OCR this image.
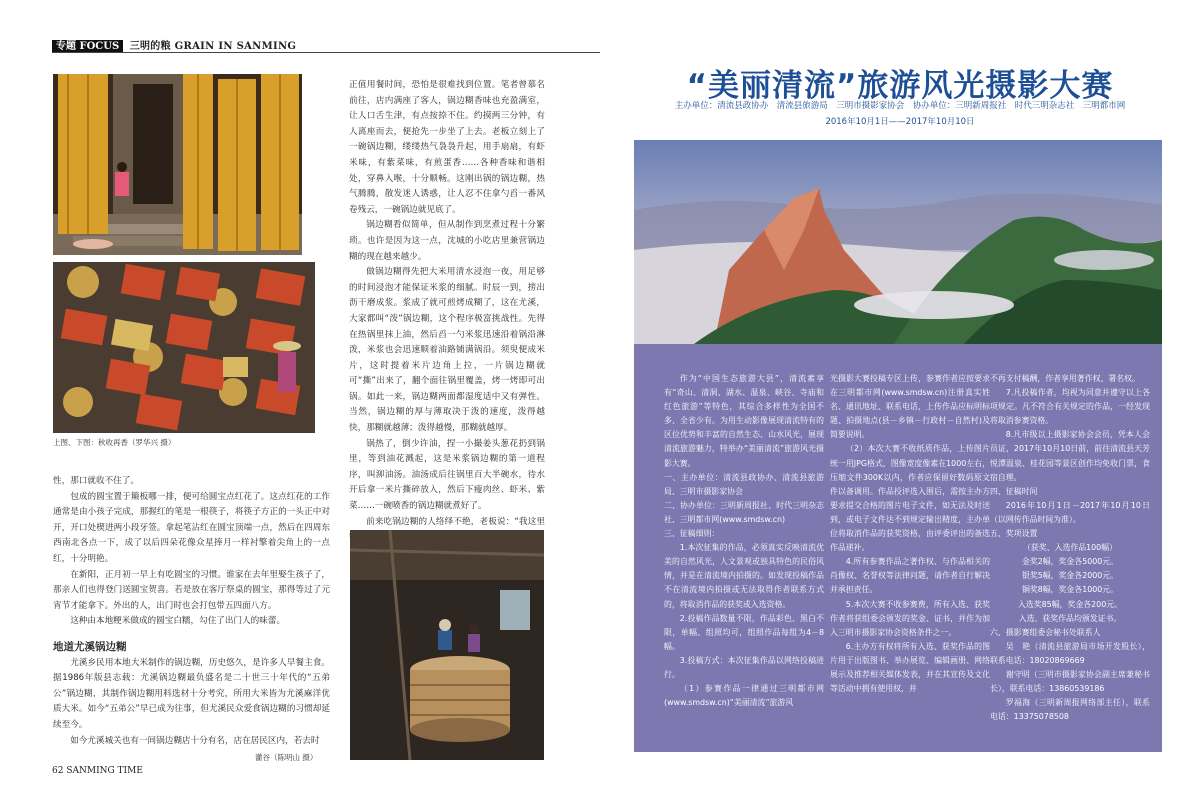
专题 FOCUS 三明的粮 GRAIN IN SANMING
上图、下图：秋收再香（罗华兴 摄）

性，那口就收不住了。

包成的圆宝置于簸板哪一排，便可给圆宝点红花了。这点红花的工作通常是由小孩子完成，那握红的笔是一根筷子，将筷子方正的一头正中对开，开口处楔进两小段牙签。拿起笔沾红在圆宝顶端一点，然后在四周东西南北各点一下，成了以后四朵花像众星捧月一样衬擎着尖角上的一点红，十分明艳。

在新阳，正月初一早上有吃圆宝的习惯。谁家在去年里娶生孩子了，那亲人们也得登门送圆宝贺喜。若是放在客厅祭桌的圆宝，那得等过了元宵节才能拿下。外出的人，出门时也会打包带五四面八方。

这种由本地粳米做成的圆宝白糯，勾住了出门人的味蕾。

地道尤溪锅边糊

尤溪乡民用本地大米制作的锅边糊，历史悠久，是许多人早餐主食。据1986年版县志载：尤溪锅边糊最负盛名是二十世三十年代的“五弟公”锅边糊，其制作锅边糊用料选材十分考究，所用大米皆为尤溪麻洋优质大米。如今“五弟公”早已成为往事，但尤溪民众爱食锅边糊的习惯却延续至今。

如今尤溪城关也有一间锅边糊店十分有名，店在居民区内，若去时

正值用餐时间，恐怕是很难找到位置。笔者曾慕名前往，店内满座了客人，锅边糊香味也充盈满室，让人口舌生津，有点按捺不住。约摸两三分钟，有人离座而去，便抢先一步坐了上去。老板立刻上了一碗锅边糊，缕缕热气袅袅升起，用手扇扇，有虾米味，有紫菜味，有煎蛋香……各种香味和谐相处，穿鼻入喉，十分顺畅。这刚出锅的锅边糊，热气腾腾，散发迷人诱惑，让人忍不住拿勺舀一番风卷残云，一碗锅边就见底了。

锅边糊看似简单，但从制作到烹煮过程十分繁琐。也许是因为这一点，沈城的小吃店里兼营锅边糊的现在越来越少。

做锅边糊得先把大米用清水浸泡一夜，用足够的时间浸泡才能保证米浆的细腻。时辰一到，捞出沥干磨成浆。浆成了就可煎烤成糊了，这在尤溪，大家都叫“泼”锅边糊，这个程序极富挑战性。先得在热锅里抹上油，然后舀一勺米浆迅速沿着锅沿淋泼，米浆也会迅速顺着油路铺满锅沿。须臾便成米片，这时提着米片边角上拉，一片锅边糊就可“撕”出来了，翻个面往锅里覆盖，烤一烤即可出锅。如此一来，锅边糊两面都湿度适中又有弹性。当然，锅边糊的厚与薄取决于泼的速度，泼得越快，那糊就越薄；泼得越慢，那糊就越厚。

锅热了，倒少许油，捏一小撮姜头葱花扔到锅里，等到油花溅起，这是米浆锅边糊的第一道程序，叫泖油汤。油汤成后往锅里百大半碗水，待水开后拿一米片撕碎放入，然后下瘦肉丝、虾米、紫菜……一碗喷香的锅边糊就煮好了。

前来吃锅边糊的人络绎不绝，老板说：“我这里

灌谷（陈明山 摄）
62 SANMING TIME
“美丽清流”旅游风光摄影大赛
主办单位：清流县政协办　清流县旅游局　三明市摄影家协会　协办单位：三明新周报社　时代三明杂志社　三明都市网
2016年10月1日——2017年10月10日

作为“中国生态旅游大县”，清流素享有“奇山、清洞、湖水、温泉、峡谷、寺庙和红色旅游”等特色，其综合多样性为全国不多、全省少有。为用生动影像展现清流特有的区位优势和丰富的自然生态、山水风光，展现清流旅游魅力，特举办“美丽清流”旅游风光摄影大赛。

一、主办单位：清流县政协办、清流县旅游局、三明市摄影家协会

二、协办单位：三明新周报社、时代三明杂志社、三明都市网(www.smdsw.cn)

三、征稿细则：

1.本次征集的作品，必须真实反映清流优美的自然风光，人文景观或独具特色的民俗风情，并是在清流境内拍摄的。如发现投稿作品不在清流境内拍摄或无法取得作者联系方式的，将取消作品的获奖或入选资格。

2.投稿作品数量不限，作品彩色、黑白不限，单幅、组照均可，组照作品每组为4－8幅。

3.投稿方式：本次征集作品以网络投稿进行。

（1）参赛作品一律通过三明都市网(www.smdsw.cn)“美丽清流”旅游风

光摄影大赛投稿专区上传，参赛作者应按要求在三明都市网(www.smdsw.cn)注册真实姓名、通讯地址、联系电话，上传作品应标明标题、拍摄地点(县－乡镇－行政村－自然村)及简要说明。

（2）本次大赛不收纸质作品，上传图片统一用JPG格式，图像宽度像素在1000左右，压缩文件300K以内，作者应保留好数码原文件以备调用。作品投评选入围后，需按主办方要求提交合格的图片电子文件，如无法及时送到，或电子文件达不到规定输出精度，主办单位将取消作品的获奖资格，由评委评出的备选作品递补。

4.所有参赛作品之著作权、与作品相关的肖像权、名誉权等法律问题，请作者自行解决并承担责任。

5.本次大赛不收参赛费，所有入选、获奖作者将获组委会颁发的奖金、证书，并作为加入三明市摄影家协会资格条件之一。

6.主办方有权将所有入选、获奖作品的图片用于出版图书、举办展览、编辑画册、网络展示及推荐相关媒体发表，并在其宣传及文化等活动中拥有使用权，并

不再支付稿酬，作者享用著作权、署名权。

7.凡投稿作者，均视为同意并遵守以上各项规定。凡不符合有关规定的作品，一经发现将取消参赛资格。

8.凡市级以上摄影家协会会员，凭本人会员证，2017年10月10日前，前往清流县天芳悦潭温泉、桂花园等景区创作均免收门票，食宿自理。

四、征稿时间

2016年10月1日－2017年10月10日（以网传作品时间为准）。

五、奖项设置

（获奖、入选作品100幅）

金奖2幅，奖金各5000元。

银奖5幅，奖金各2000元。

铜奖8幅，奖金各1000元。

入选奖85幅，奖金各200元。

入选、获奖作品均颁发证书。

六、摄影赛组委会秘书处联系人

吴　艳（清流县旅游局市场开发股长），联系电话：18020869669

谢守明（三明市摄影家协会副主席兼秘书长），联系电话：13860539186

罗福海（三明新周报网络部主任），联系电话：13375078508
